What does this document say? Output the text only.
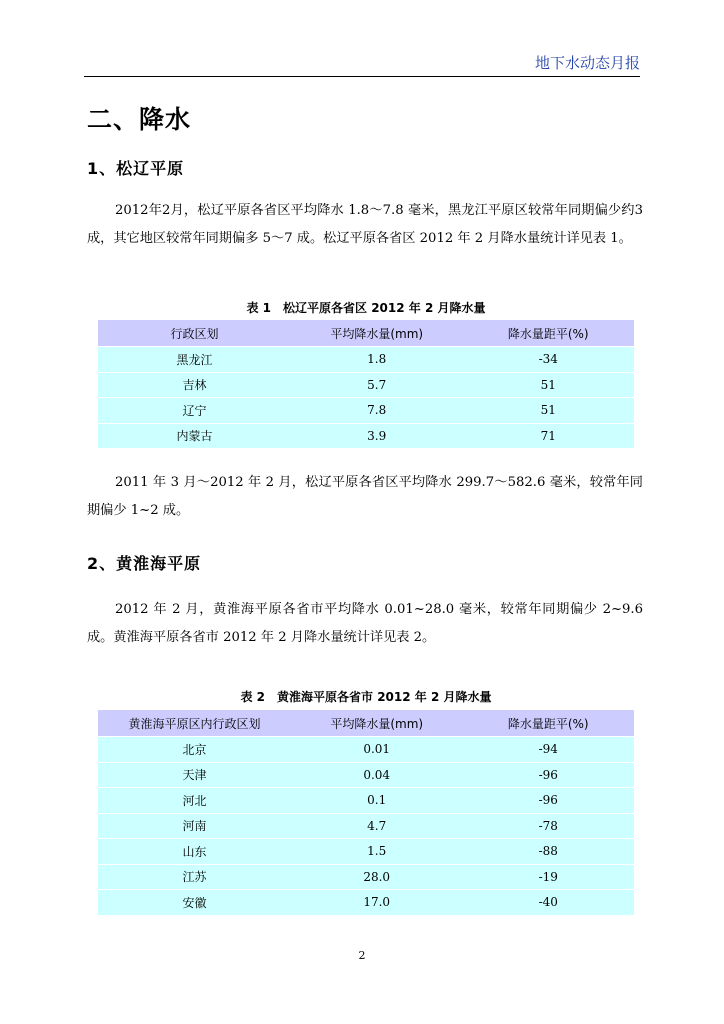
地下水动态月报
二、降水
1、松辽平原
2012年2月，松辽平原各省区平均降水 1.8～7.8 毫米，黑龙江平原区较常年同期偏少约3成，其它地区较常年同期偏多 5～7 成。松辽平原各省区 2012 年 2 月降水量统计详见表 1。
表 1　松辽平原各省区 2012 年 2 月降水量
行政区划	平均降水量(mm)	降水量距平(%)
黑龙江	1.8	-34
吉林	5.7	51
辽宁	7.8	51
内蒙古	3.9	71
2011 年 3 月～2012 年 2 月，松辽平原各省区平均降水 299.7～582.6 毫米，较常年同期偏少 1~2 成。
2、黄淮海平原
2012 年 2 月，黄淮海平原各省市平均降水 0.01~28.0 毫米，较常年同期偏少 2~9.6 成。黄淮海平原各省市 2012 年 2 月降水量统计详见表 2。
表 2　黄淮海平原各省市 2012 年 2 月降水量
黄淮海平原区内行政区划	平均降水量(mm)	降水量距平(%)
北京	0.01	-94
天津	0.04	-96
河北	0.1	-96
河南	4.7	-78
山东	1.5	-88
江苏	28.0	-19
安徽	17.0	-40
2
